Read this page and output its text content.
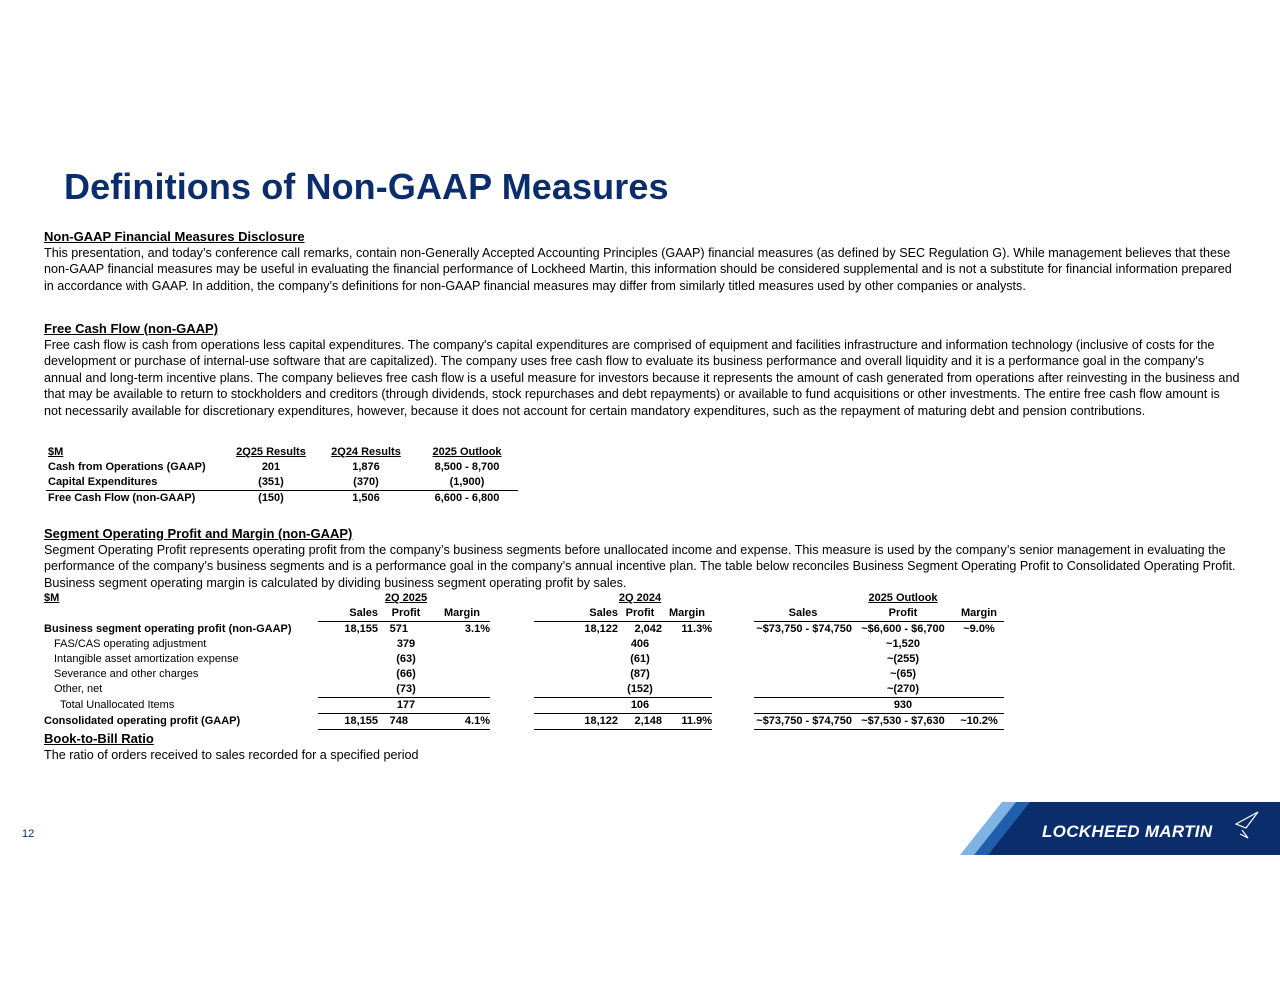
Definitions of Non-GAAP Measures
Non-GAAP Financial Measures Disclosure
This presentation, and today’s conference call remarks, contain non-Generally Accepted Accounting Principles (GAAP) financial measures (as defined by SEC Regulation G). While management believes that these non-GAAP financial measures may be useful in evaluating the financial performance of Lockheed Martin, this information should be considered supplemental and is not a substitute for financial information prepared in accordance with GAAP. In addition, the company’s definitions for non-GAAP financial measures may differ from similarly titled measures used by other companies or analysts.
Free Cash Flow (non-GAAP)
Free cash flow is cash from operations less capital expenditures. The company's capital expenditures are comprised of equipment and facilities infrastructure and information technology (inclusive of costs for the development or purchase of internal-use software that are capitalized). The company uses free cash flow to evaluate its business performance and overall liquidity and it is a performance goal in the company's annual and long-term incentive plans. The company believes free cash flow is a useful measure for investors because it represents the amount of cash generated from operations after reinvesting in the business and that may be available to return to stockholders and creditors (through dividends, stock repurchases and debt repayments) or available to fund acquisitions or other investments. The entire free cash flow amount is not necessarily available for discretionary expenditures, however, because it does not account for certain mandatory expenditures, such as the repayment of maturing debt and pension contributions.
$M	2Q25 Results	2Q24 Results	2025 Outlook
Cash from Operations (GAAP)	201	1,876	8,500 - 8,700
Capital Expenditures	(351)	(370)	(1,900)
Free Cash Flow (non-GAAP)	(150)	1,506	6,600 - 6,800
Segment Operating Profit and Margin (non-GAAP)
Segment Operating Profit represents operating profit from the company’s business segments before unallocated income and expense. This measure is used by the company’s senior management in evaluating the performance of the company’s business segments and is a performance goal in the company’s annual incentive plan. The table below reconciles Business Segment Operating Profit to Consolidated Operating Profit. Business segment operating margin is calculated by dividing business segment operating profit by sales.
$M		2Q 2025				2Q 2024				2025 Outlook	
	Sales	Profit	Margin		Sales	Profit	Margin		Sales	Profit	Margin
Business segment operating profit (non-GAAP)	18,155	571	3.1%		18,122	2,042	11.3%		~$73,750 - $74,750	~$6,600 - $6,700	~9.0%
FAS/CAS operating adjustment		379				406				~1,520	
Intangible asset amortization expense		(63)				(61)				~(255)	
Severance and other charges		(66)				(87)				~(65)	
Other, net		(73)				(152)				~(270)	
Total Unallocated Items		177				106				930	
Consolidated operating profit (GAAP)	18,155	748	4.1%		18,122	2,148	11.9%		~$73,750 - $74,750	~$7,530 - $7,630	~10.2%
Book-to-Bill Ratio
The ratio of orders received to sales recorded for a specified period
12	LOCKHEED MARTIN
